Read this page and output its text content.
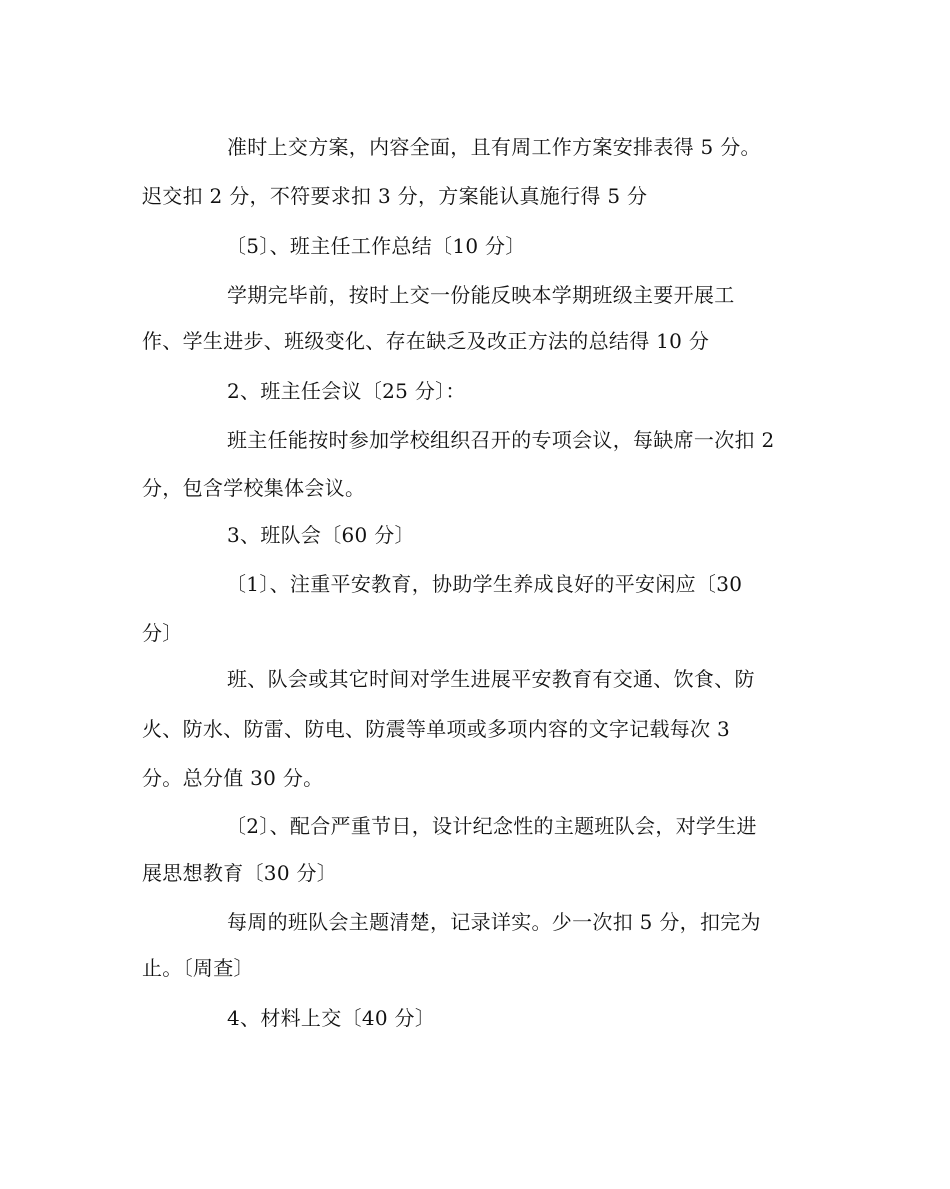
准时上交方案，内容全面，且有周工作方案安排表得 5 分。
迟交扣 2 分，不符要求扣 3 分，方案能认真施行得 5 分
〔5〕、班主任工作总结〔10 分〕
学期完毕前，按时上交一份能反映本学期班级主要开展工
作、学生进步、班级变化、存在缺乏及改正方法的总结得 10 分
2、班主任会议〔25 分〕：
班主任能按时参加学校组织召开的专项会议，每缺席一次扣 2
分，包含学校集体会议。
3、班队会〔60 分〕
〔1〕、注重平安教育，协助学生养成良好的平安闲应〔30
分〕
班、队会或其它时间对学生进展平安教育有交通、饮食、防
火、防水、防雷、防电、防震等单项或多项内容的文字记载每次 3
分。总分值 30 分。
〔2〕、配合严重节日，设计纪念性的主题班队会，对学生进
展思想教育〔30 分〕
每周的班队会主题清楚，记录详实。少一次扣 5 分，扣完为
止。〔周查〕
4、材料上交〔40 分〕
